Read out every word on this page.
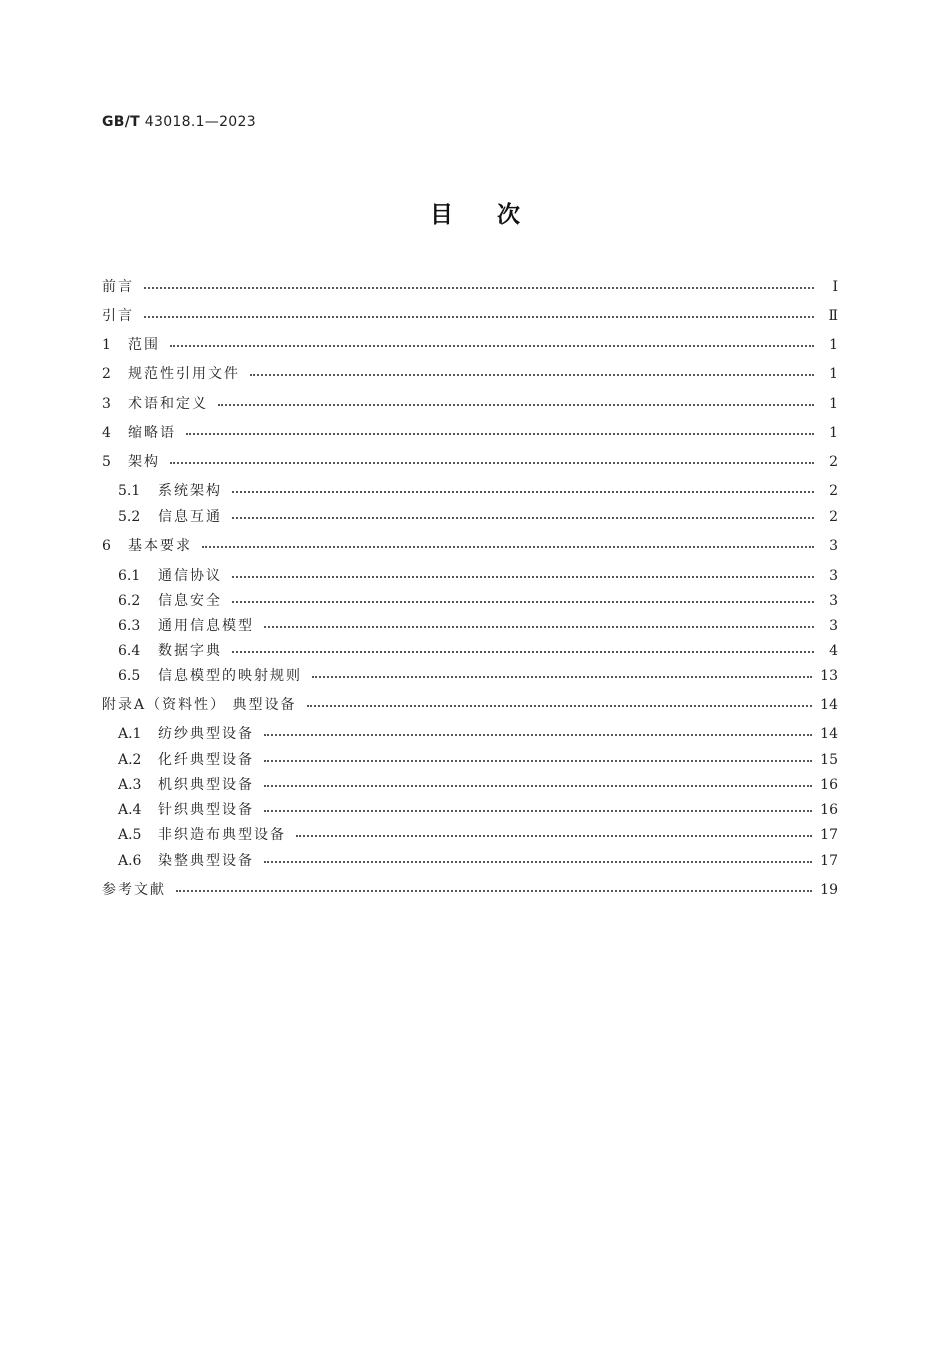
GB/T 43018.1—2023
目次
前言	Ⅰ
引言	Ⅱ
1	范围	1
2	规范性引用文件	1
3	术语和定义	1
4	缩略语	1
5	架构	2
5.1	系统架构	2
5.2	信息互通	2
6	基本要求	3
6.1	通信协议	3
6.2	信息安全	3
6.3	通用信息模型	3
6.4	数据字典	4
6.5	信息模型的映射规则	13
附录A（资料性） 典型设备	14
A.1	纺纱典型设备	14
A.2	化纤典型设备	15
A.3	机织典型设备	16
A.4	针织典型设备	16
A.5	非织造布典型设备	17
A.6	染整典型设备	17
参考文献	19
